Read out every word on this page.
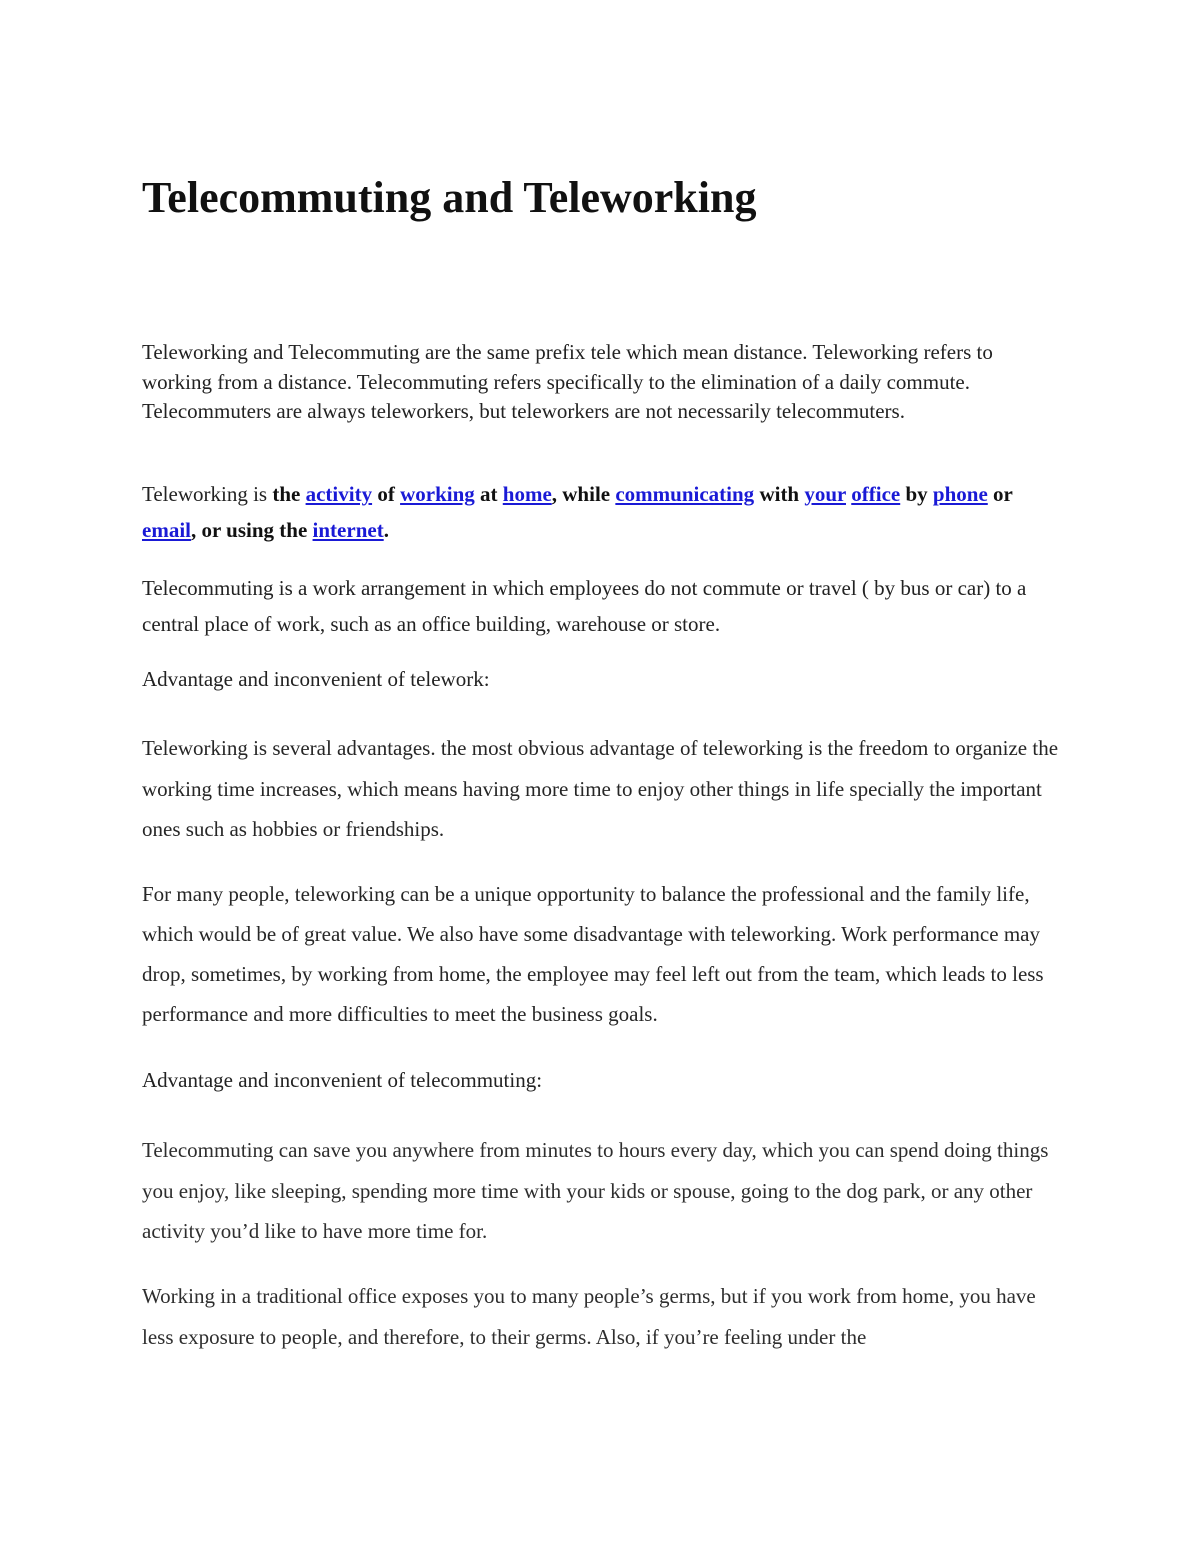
Telecommuting and Teleworking

Teleworking and Telecommuting are the same prefix tele which mean distance. Teleworking refers to working from a distance. Telecommuting refers specifically to the elimination of a daily commute. Telecommuters are always teleworkers, but teleworkers are not necessarily telecommuters.

Teleworking is the activity of working at home, while communicating with your office by phone or email, or using the internet.

Telecommuting is a work arrangement in which employees do not commute or travel ( by bus or car) to a central place of work, such as an office building, warehouse or store.

Advantage and inconvenient of telework:

Teleworking is several advantages. the most obvious advantage of teleworking is the freedom to organize the working time increases, which means having more time to enjoy other things in life specially the important ones such as hobbies or friendships.

For many people, teleworking can be a unique opportunity to balance the professional and the family life, which would be of great value. We also have some disadvantage with teleworking. Work performance may drop, sometimes, by working from home, the employee may feel left out from the team, which leads to less performance and more difficulties to meet the business goals.

Advantage and inconvenient of telecommuting:

Telecommuting can save you anywhere from minutes to hours every day, which you can spend doing things you enjoy, like sleeping, spending more time with your kids or spouse, going to the dog park, or any other activity you’d like to have more time for.

Working in a traditional office exposes you to many people’s germs, but if you work from home, you have less exposure to people, and therefore, to their germs. Also, if you’re feeling under the
